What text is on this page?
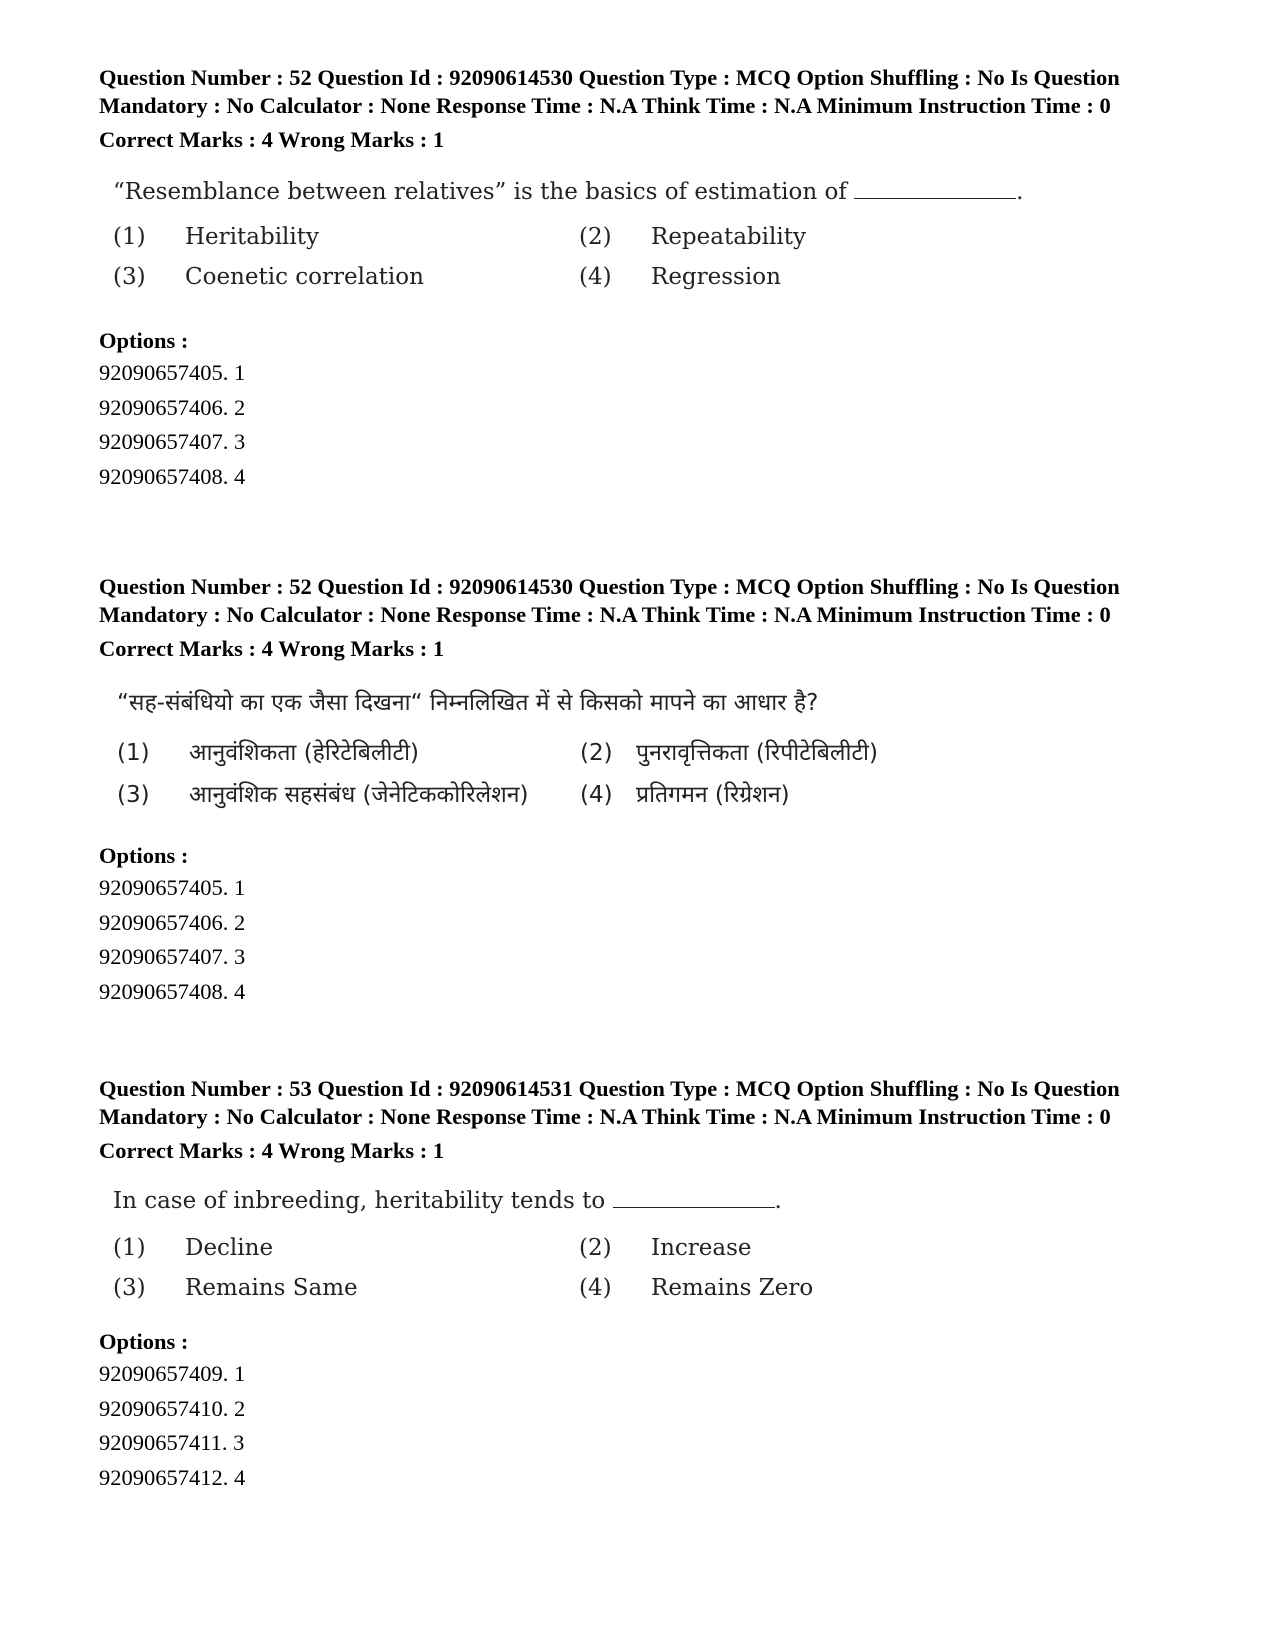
Question Number : 52 Question Id : 92090614530 Question Type : MCQ Option Shuffling : No Is Question Mandatory : No Calculator : None Response Time : N.A Think Time : N.A Minimum Instruction Time : 0
Correct Marks : 4 Wrong Marks : 1
“Resemblance between relatives” is the basics of estimation of	.
(1) Heritability	(2) Repeatability
(3) Coenetic correlation	(4) Regression
Options :
92090657405. 1
92090657406. 2
92090657407. 3
92090657408. 4
Question Number : 52 Question Id : 92090614530 Question Type : MCQ Option Shuffling : No Is Question Mandatory : No Calculator : None Response Time : N.A Think Time : N.A Minimum Instruction Time : 0
Correct Marks : 4 Wrong Marks : 1
“सह-संबंधियो का एक जैसा दिखना“ निम्नलिखित में से किसको मापने का आधार है?
(1) आनुवंशिकता (हेरिटेबिलीटी)	(2) पुनरावृत्तिकता (रिपीटेबिलीटी)
(3) आनुवंशिक सहसंबंध (जेनेटिककोरिलेशन) (4) प्रतिगमन (रिग्रेशन)
Options :
92090657405. 1
92090657406. 2
92090657407. 3
92090657408. 4
Question Number : 53 Question Id : 92090614531 Question Type : MCQ Option Shuffling : No Is Question Mandatory : No Calculator : None Response Time : N.A Think Time : N.A Minimum Instruction Time : 0
Correct Marks : 4 Wrong Marks : 1
In case of inbreeding, heritability tends to	.
(1) Decline	(2) Increase
(3) Remains Same	(4) Remains Zero
Options :
92090657409. 1
92090657410. 2
92090657411. 3
92090657412. 4
